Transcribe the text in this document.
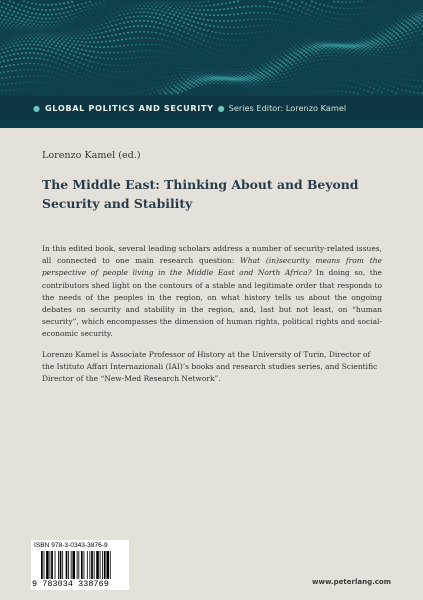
● GLOBAL POLITICS AND SECURITY ● Series Editor: Lorenzo Kamel
Lorenzo Kamel (ed.)
The Middle East: Thinking About and Beyond Security and Stability
In this edited book, several leading scholars address a number of security-related issues, all connected to one main research question: What (in)security means from the perspective of people living in the Middle East and North Africa? In doing so, the contributors shed light on the contours of a stable and legitimate order that responds to the needs of the peoples in the region, on what history tells us about the ongoing debates on security and stability in the region, and, last but not least, on “human security”, which encompasses the dimension of human rights, political rights and social-economic security.
Lorenzo Kamel is Associate Professor of History at the University of Turin, Director of the Istituto Affari Internazionali (IAI)’s books and research studies series, and Scientific Director of the “New-Med Research Network”.
ISBN 978-3-0343-3876-9
9 783034 338769	www.peterlang.com
